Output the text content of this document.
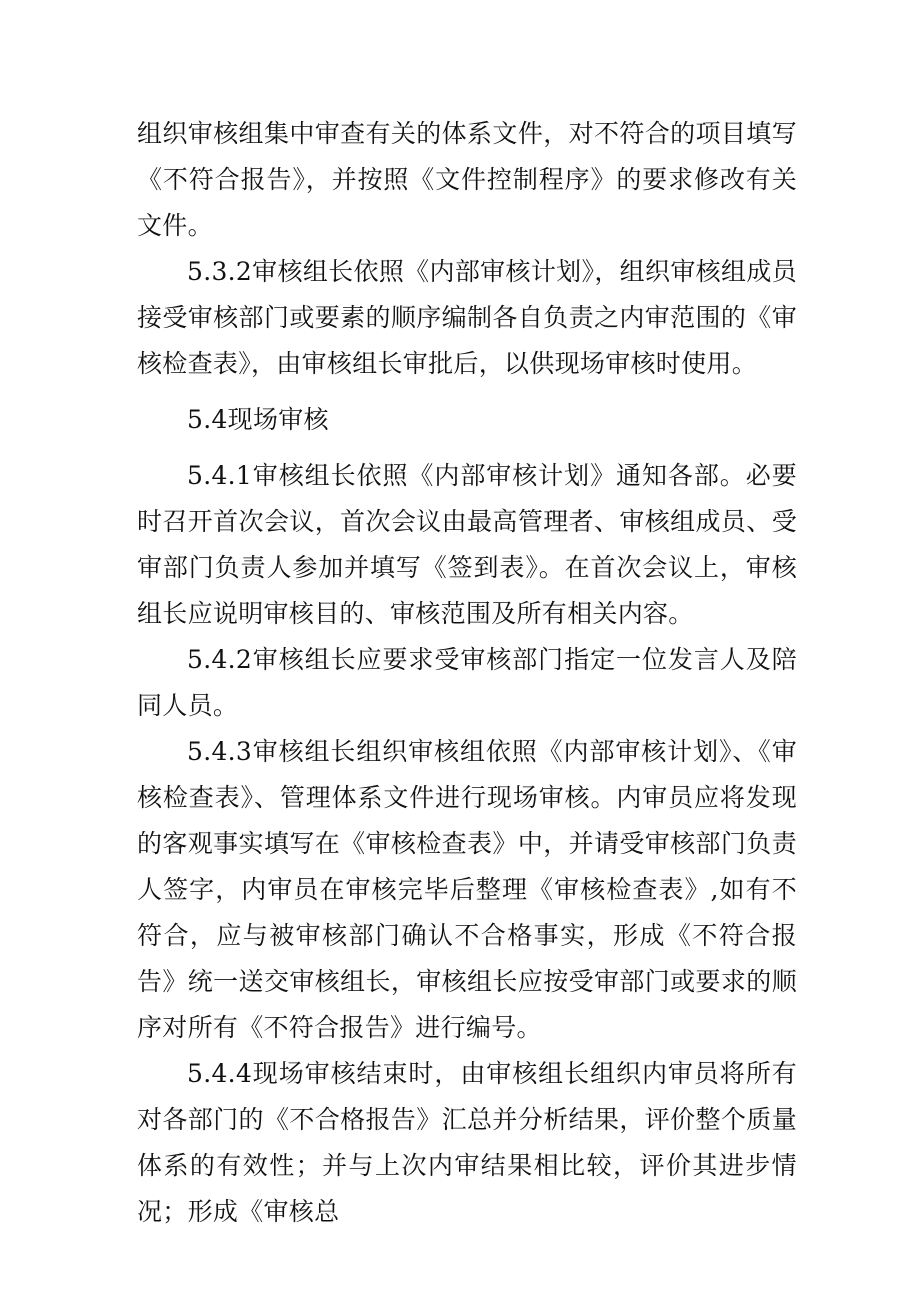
组织审核组集中审查有关的体系文件，对不符合的项目填写《不符合报告》，并按照《文件控制程序》的要求修改有关文件。

5.3.2审核组长依照《内部审核计划》，组织审核组成员接受审核部门或要素的顺序编制各自负责之内审范围的《审核检查表》，由审核组长审批后，以供现场审核时使用。

5.4现场审核

5.4.1审核组长依照《内部审核计划》通知各部。必要时召开首次会议，首次会议由最高管理者、审核组成员、受审部门负责人参加并填写《签到表》。在首次会议上，审核组长应说明审核目的、审核范围及所有相关内容。

5.4.2审核组长应要求受审核部门指定一位发言人及陪同人员。

5.4.3审核组长组织审核组依照《内部审核计划》、《审核检查表》、管理体系文件进行现场审核。内审员应将发现的客观事实填写在《审核检查表》中，并请受审核部门负责人签字，内审员在审核完毕后整理《审核检查表》,如有不符合，应与被审核部门确认不合格事实，形成《不符合报告》统一送交审核组长，审核组长应按受审部门或要求的顺序对所有《不符合报告》进行编号。

5.4.4现场审核结束时，由审核组长组织内审员将所有对各部门的《不合格报告》汇总并分析结果，评价整个质量体系的有效性；并与上次内审结果相比较，评价其进步情况；形成《审核总
